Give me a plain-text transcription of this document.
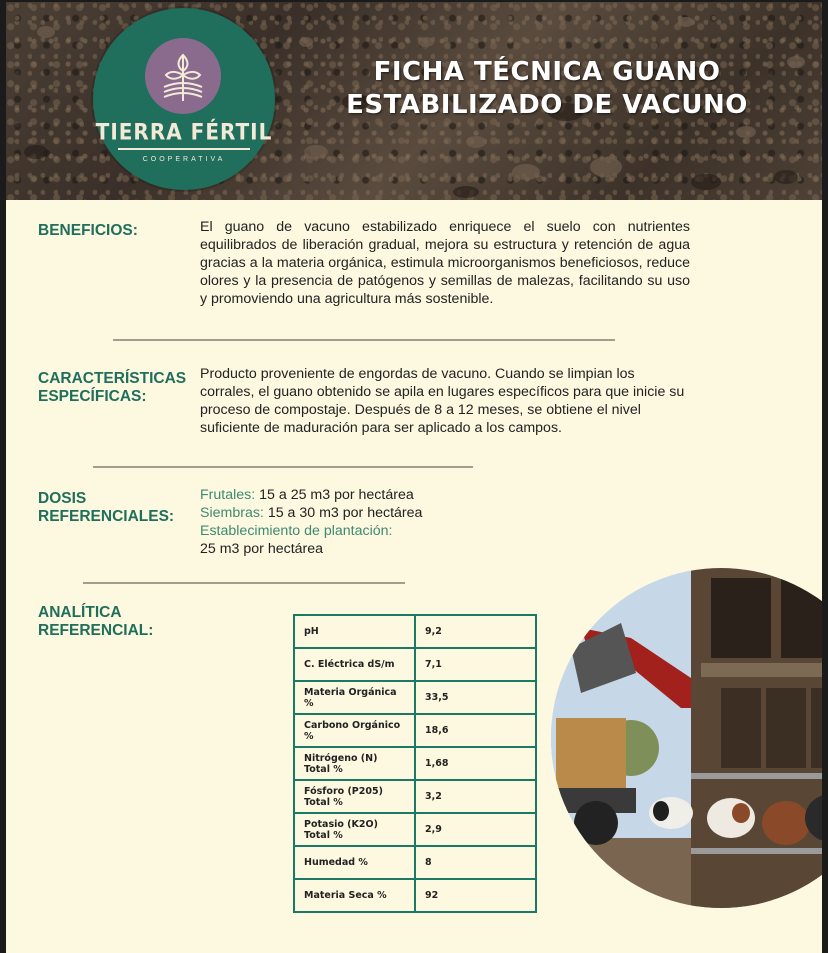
TIERRA FÉRTIL
COOPERATIVA
FICHA TÉCNICA GUANO
ESTABILIZADO DE VACUNO
BENEFICIOS:	El guano de vacuno estabilizado enriquece el suelo con nutrientes equilibrados de liberación gradual, mejora su estructura y retención de agua gracias a la materia orgánica, estimula microorganismos beneficiosos, reduce olores y la presencia de patógenos y semillas de malezas, facilitando su uso y promoviendo una agricultura más sostenible.
CARACTERÍSTICAS
ESPECÍFICAS:
Producto proveniente de engordas de vacuno. Cuando se limpian los corrales, el guano obtenido se apila en lugares específicos para que inicie su proceso de compostaje. Después de 8 a 12 meses, se obtiene el nivel suficiente de maduración para ser aplicado a los campos.
DOSIS
REFERENCIALES:
Frutales: 15 a 25 m3 por hectárea
Siembras: 15 a 30 m3 por hectárea
Establecimiento de plantación:
25 m3 por hectárea
ANALÍTICA
REFERENCIAL:	pH	9,2
C. Eléctrica dS/m	7,1
Materia Orgánica %	33,5
Carbono Orgánico %	18,6
Nitrógeno (N) Total %	1,68
Fósforo (P205) Total %	3,2
Potasio (K2O) Total %	2,9
Humedad %	8
Materia Seca %	92
